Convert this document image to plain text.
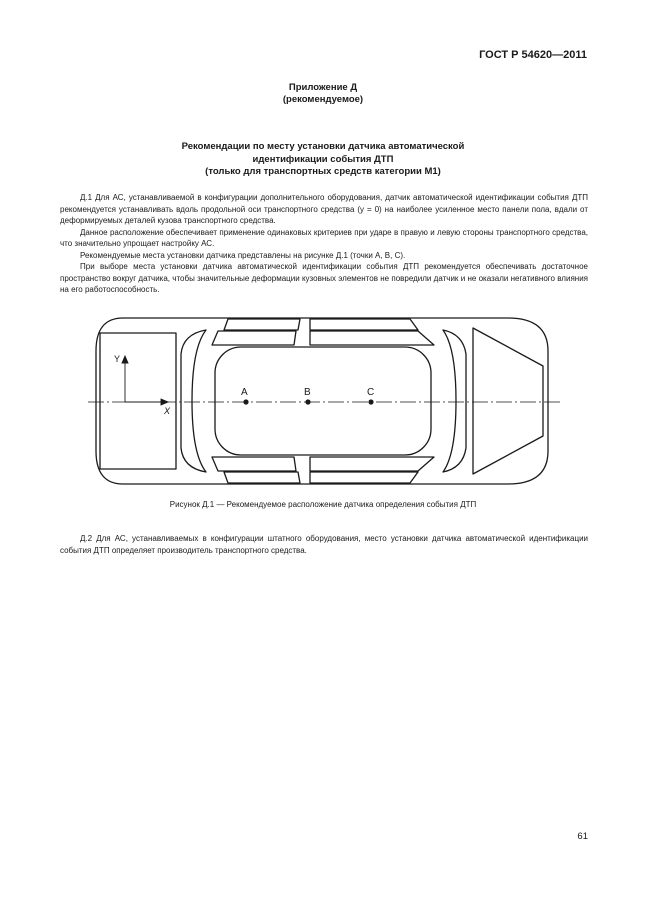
ГОСТ Р 54620—2011
Приложение Д
(рекомендуемое)
Рекомендации по месту установки датчика автоматической
идентификации события ДТП
(только для транспортных средств категории М1)

Д.1 Для АС, устанавливаемой в конфигурации дополнительного оборудования, датчик автоматической идентификации события ДТП рекомендуется устанавливать вдоль продольной оси транспортного средства (y = 0) на наиболее усиленное место панели пола, вдали от деформируемых деталей кузова транспортного средства.

Данное расположение обеспечивает применение одинаковых критериев при ударе в правую и левую стороны транспортного средства, что значительно упрощает настройку АС.

Рекомендуемые места установки датчика представлены на рисунке Д.1 (точки А, В, С).

При выборе места установки датчика автоматической идентификации события ДТП рекомендуется обеспечивать достаточное пространство вокруг датчика, чтобы значительные деформации кузовных элементов не повредили датчик и не оказали негативного влияния на его работоспособность.

Y
X
A	B	C
Рисунок Д.1 — Рекомендуемое расположение датчика определения события ДТП

Д.2 Для АС, устанавливаемых в конфигурации штатного оборудования, место установки датчика автоматической идентификации события ДТП определяет производитель транспортного средства.

61
